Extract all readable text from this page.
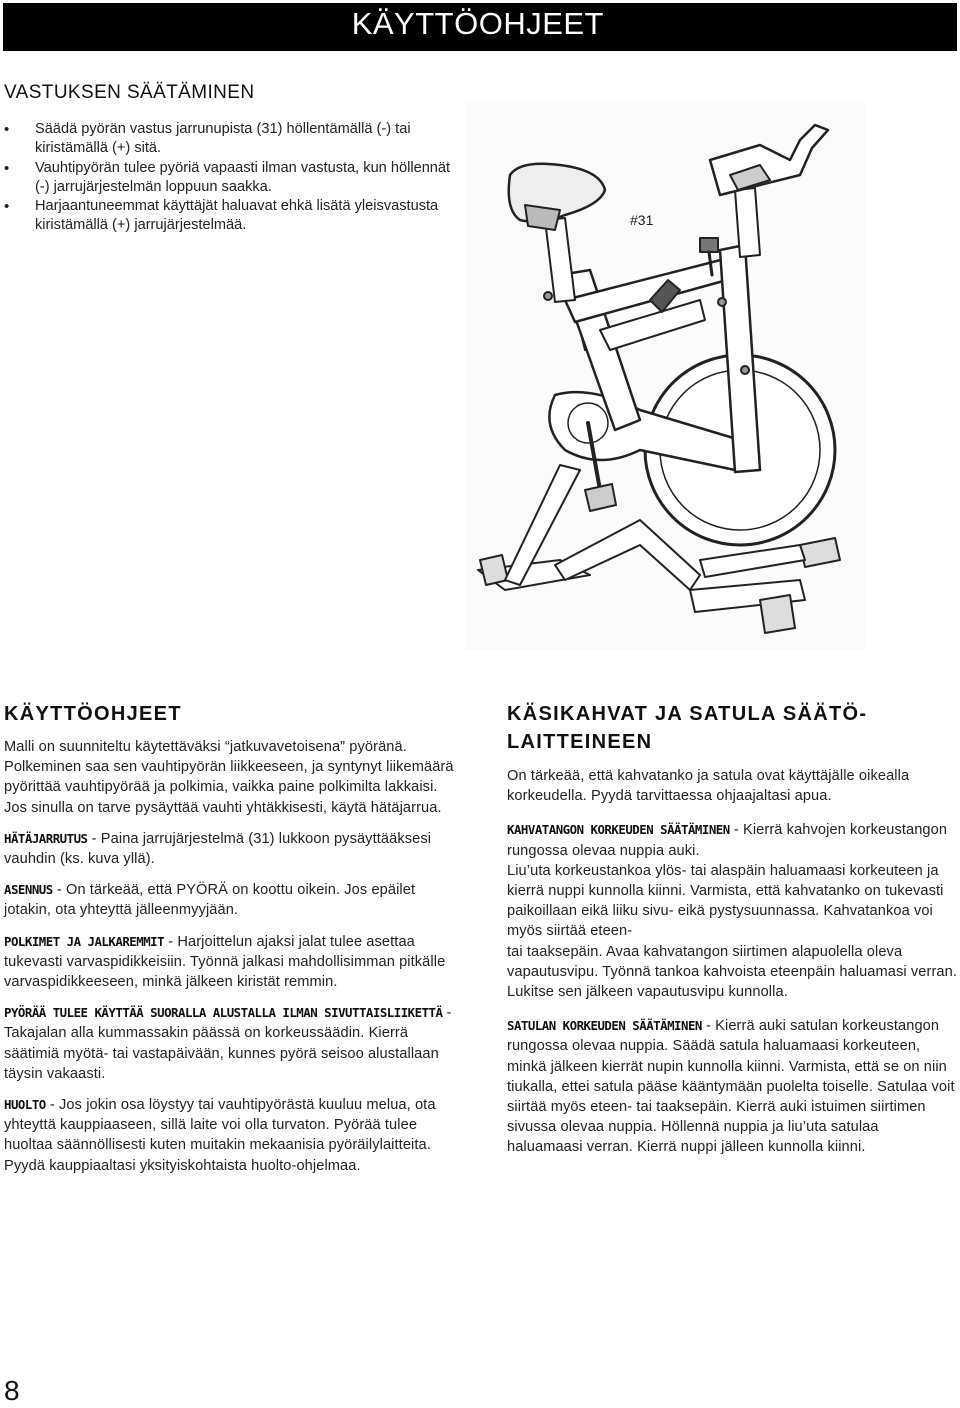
KÄYTTÖOHJEET
VASTUKSEN SÄÄTÄMINEN
• Säädä pyörän vastus jarrunupista (31) höllentämällä (-) tai kiristämällä (+) sitä.
• Vauhtipyörän tulee pyöriä vapaasti ilman vastusta, kun höllennät (-) jarrujärjestelmän loppuun saakka.
• Harjaantuneemmat käyttäjät haluavat ehkä lisätä yleisvastusta kiristämällä (+) jarrujärjestelmää.	#31
KÄYTTÖOHJEET

Malli on suunniteltu käytettäväksi “jatkuvavetoisena” pyöränä. Polkeminen saa sen vauhtipyörän liikkeeseen, ja syntynyt liikemäärä pyörittää vauhtipyörää ja polkimia, vaikka paine polkimilta lakkaisi. Jos sinulla on tarve pysäyttää vauhti yhtäkkisesti, käytä hätäjarrua.

HÄTÄJARRUTUS - Paina jarrujärjestelmä (31) lukkoon pysäyttääksesi vauhdin (ks. kuva yllä).

ASENNUS - On tärkeää, että PYÖRÄ on koottu oikein. Jos epäilet jotakin, ota yhteyttä jälleenmyyjään.

POLKIMET JA JALKAREMMIT - Harjoittelun ajaksi jalat tulee asettaa tukevasti varvaspidikkeisiin. Työnnä jalkasi mahdollisimman pitkälle varvaspidikkeeseen, minkä jälkeen kiristät remmin.

PYÖRÄÄ TULEE KÄYTTÄÄ SUORALLA ALUSTALLA ILMAN SIVUTTAISLIIKETTÄ - Takajalan alla kummassakin päässä on korkeussäädin. Kierrä säätimiä myötä- tai vastapäivään, kunnes pyörä seisoo alustallaan täysin vakaasti.

HUOLTO - Jos jokin osa löystyy tai vauhtipyörästä kuuluu melua, ota yhteyttä kauppiaaseen, sillä laite voi olla turvaton. Pyörää tulee huoltaa säännöllisesti kuten muitakin mekaanisia pyöräilylaitteita. Pyydä kauppiaaltasi yksityiskohtaista huolto-ohjelmaa.

KÄSIKAHVAT JA SATULA SÄÄTÖ-
LAITTEINEEN

On tärkeää, että kahvatanko ja satula ovat käyttäjälle oikealla korkeudella. Pyydä tarvittaessa ohjaajaltasi apua.

KAHVATANGON KORKEUDEN SÄÄTÄMINEN - Kierrä kahvojen korkeustangon rungossa olevaa nuppia auki.

Liu’uta korkeustankoa ylös- tai alaspäin haluamaasi korkeuteen ja kierrä nuppi kunnolla kiinni. Varmista, että kahvatanko on tukevasti paikoillaan eikä liiku sivu- eikä pystysuunnassa. Kahvatankoa voi myös siirtää eteen-

tai taaksepäin. Avaa kahvatangon siirtimen alapuolella oleva vapautusvipu. Työnnä tankoa kahvoista eteenpäin haluamasi verran. Lukitse sen jälkeen vapautusvipu kunnolla.

SATULAN KORKEUDEN SÄÄTÄMINEN - Kierrä auki satulan korkeustangon rungossa olevaa nuppia. Säädä satula haluamaasi korkeuteen, minkä jälkeen kierrät nupin kunnolla kiinni. Varmista, että se on niin tiukalla, ettei satula pääse kääntymään puolelta toiselle. Satulaa voit siirtää myös eteen- tai taaksepäin. Kierrä auki istuimen siirtimen sivussa olevaa nuppia. Höllennä nuppia ja liu’uta satulaa haluamaasi verran. Kierrä nuppi jälleen kunnolla kiinni.

8
